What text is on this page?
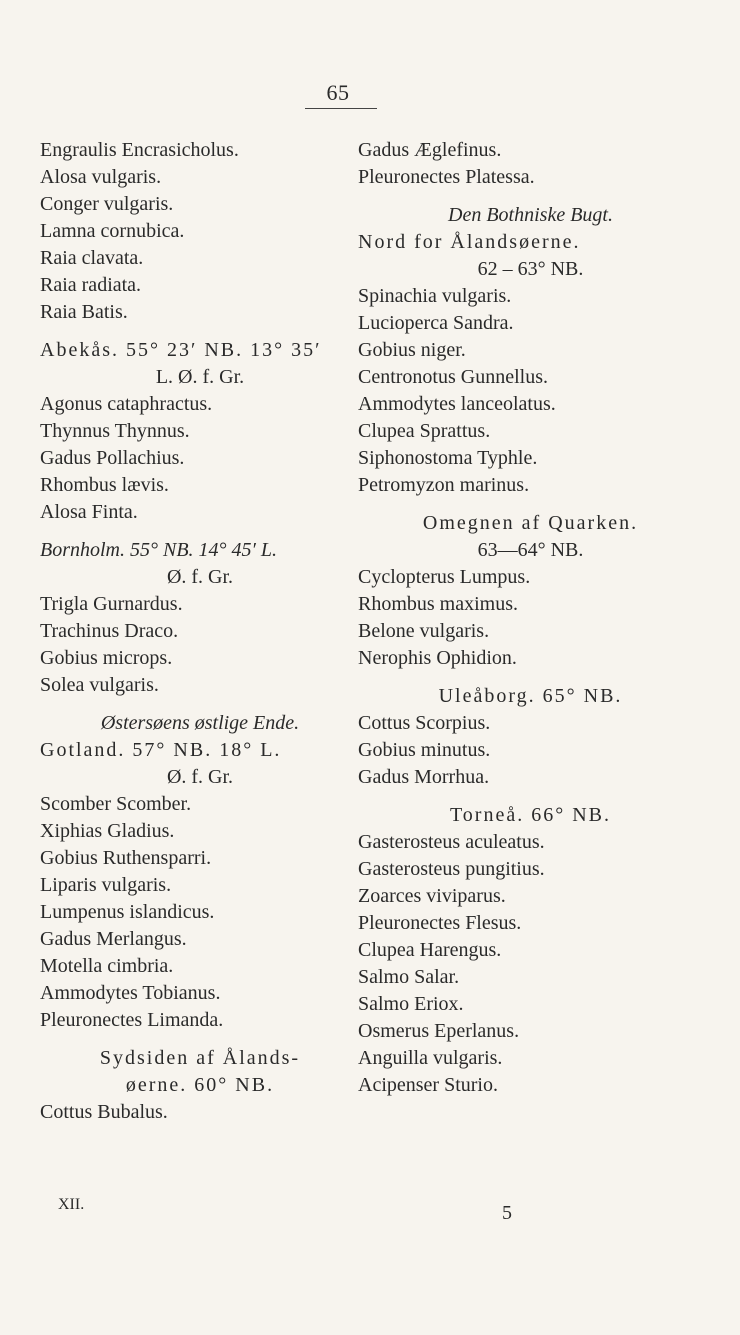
65
Engraulis Encrasicholus.
Alosa vulgaris.
Conger vulgaris.
Lamna cornubica.
Raia clavata.
Raia radiata.
Raia Batis.
Abekås. 55° 23′ NB. 13° 35′
L. Ø. f. Gr.
Agonus cataphractus.
Thynnus Thynnus.
Gadus Pollachius.
Rhombus lævis.
Alosa Finta.
Bornholm. 55° NB. 14° 45′ L.
Ø. f. Gr.
Trigla Gurnardus.
Trachinus Draco.
Gobius microps.
Solea vulgaris.
Østersøens østlige Ende.
Gotland. 57° NB. 18° L.
Ø. f. Gr.
Scomber Scomber.
Xiphias Gladius.
Gobius Ruthensparri.
Liparis vulgaris.
Lumpenus islandicus.
Gadus Merlangus.
Motella cimbria.
Ammodytes Tobianus.
Pleuronectes Limanda.
Sydsiden af Ålands-
øerne. 60° NB.
Cottus Bubalus.
Gadus Æglefinus.
Pleuronectes Platessa.
Den Bothniske Bugt.
Nord for Ålandsøerne.
62 – 63° NB.
Spinachia vulgaris.
Lucioperca Sandra.
Gobius niger.
Centronotus Gunnellus.
Ammodytes lanceolatus.
Clupea Sprattus.
Siphonostoma Typhle.
Petromyzon marinus.
Omegnen af Quarken.
63—64° NB.
Cyclopterus Lumpus.
Rhombus maximus.
Belone vulgaris.
Nerophis Ophidion.
Uleåborg. 65° NB.
Cottus Scorpius.
Gobius minutus.
Gadus Morrhua.
Torneå. 66° NB.
Gasterosteus aculeatus.
Gasterosteus pungitius.
Zoarces viviparus.
Pleuronectes Flesus.
Clupea Harengus.
Salmo Salar.
Salmo Eriox.
Osmerus Eperlanus.
Anguilla vulgaris.
Acipenser Sturio.
XII.	5
